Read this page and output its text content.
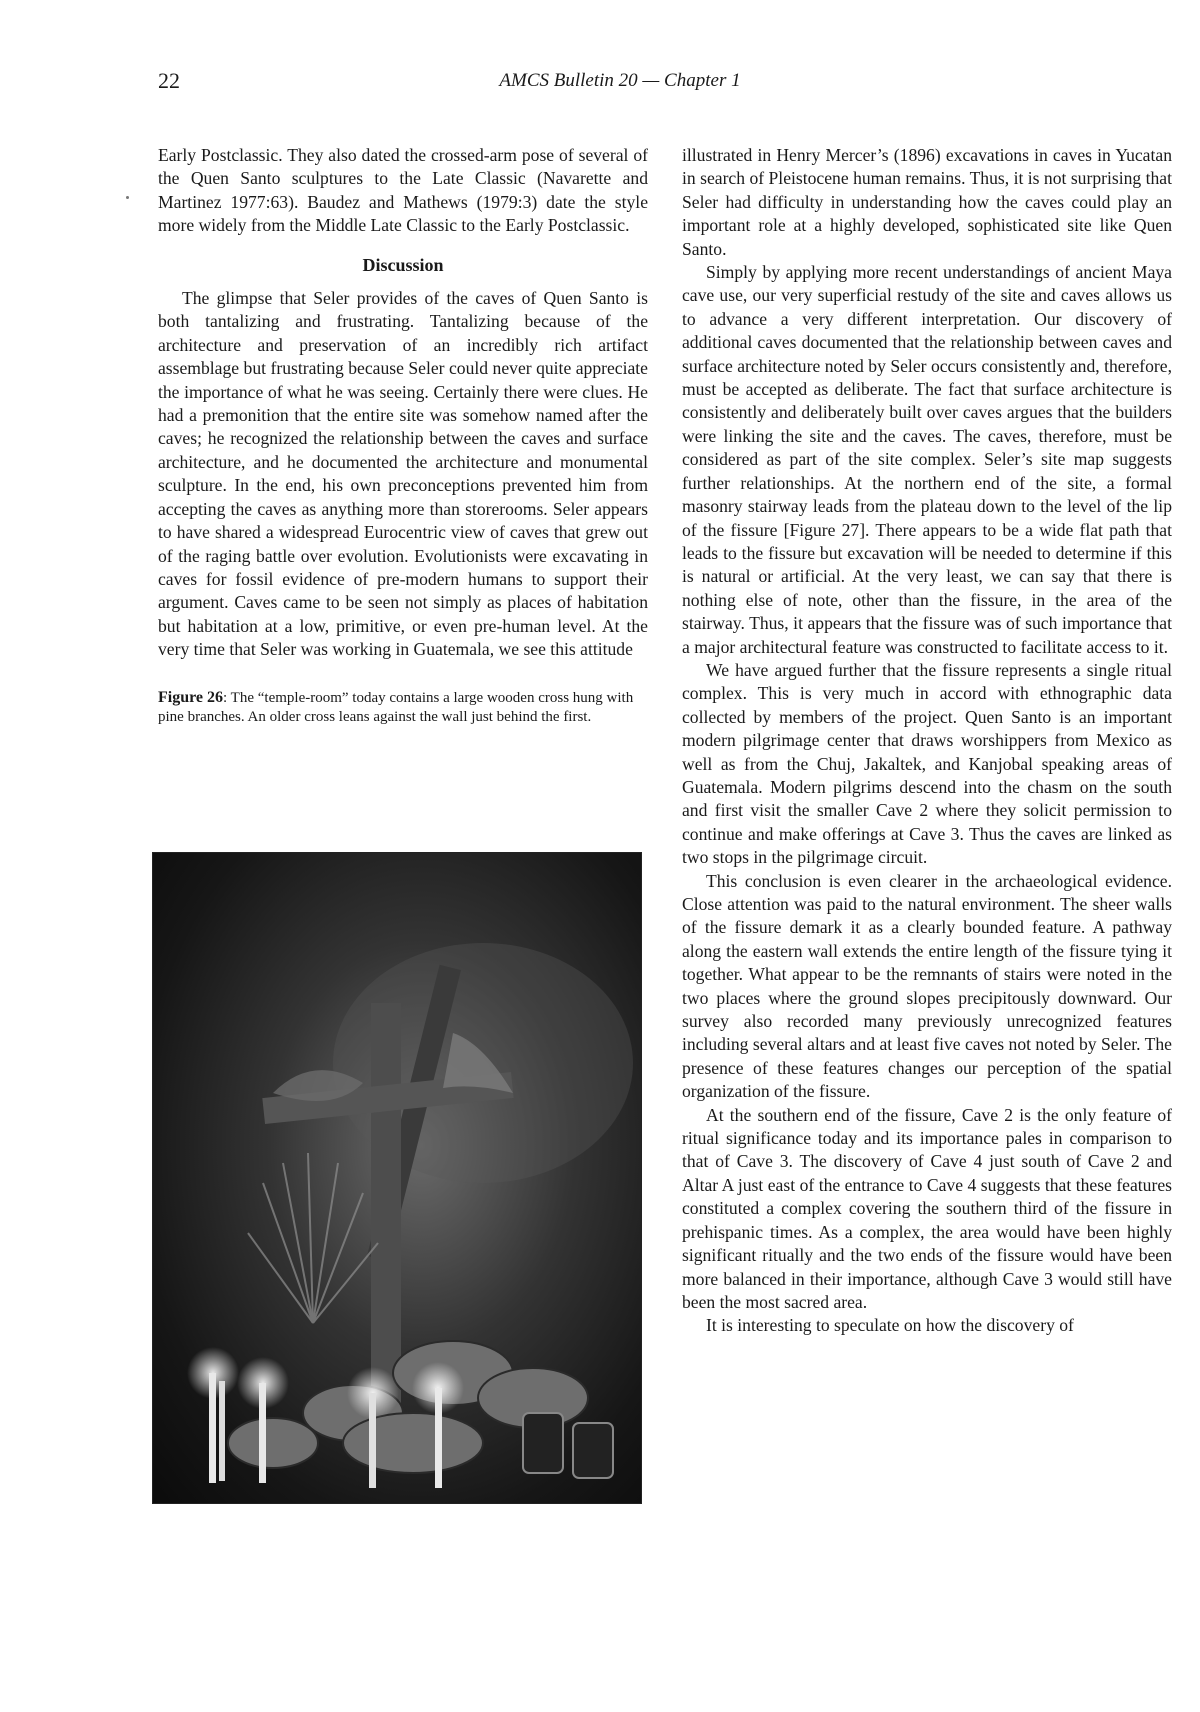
22	AMCS Bulletin 20 — Chapter 1

Early Postclassic. They also dated the crossed-arm pose of several of the Quen Santo sculptures to the Late Classic (Navarette and Martinez 1977:63). Baudez and Mathews (1979:3) date the style more widely from the Middle Late Classic to the Early Postclassic.

Discussion

The glimpse that Seler provides of the caves of Quen Santo is both tantalizing and frustrating. Tantalizing because of the architecture and preservation of an incredibly rich artifact assemblage but frustrating because Seler could never quite appreciate the importance of what he was seeing. Certainly there were clues. He had a premonition that the entire site was somehow named after the caves; he recognized the relationship between the caves and surface architecture, and he documented the architecture and monumental sculpture. In the end, his own preconceptions prevented him from accepting the caves as anything more than storerooms. Seler appears to have shared a widespread Eurocentric view of caves that grew out of the raging battle over evolution. Evolutionists were excavating in caves for fossil evidence of pre-modern humans to support their argument. Caves came to be seen not simply as places of habitation but habitation at a low, primitive, or even pre-human level. At the very time that Seler was working in Guatemala, we see this attitude

Figure 26: The “temple-room” today contains a large wooden cross hung with pine branches. An older cross leans against the wall just behind the first.

illustrated in Henry Mercer’s (1896) excavations in caves in Yucatan in search of Pleistocene human remains. Thus, it is not surprising that Seler had difficulty in understanding how the caves could play an important role at a highly developed, sophisticated site like Quen Santo.

Simply by applying more recent understandings of ancient Maya cave use, our very superficial restudy of the site and caves allows us to advance a very different interpretation. Our discovery of additional caves documented that the relationship between caves and surface architecture noted by Seler occurs consistently and, therefore, must be accepted as deliberate. The fact that surface architecture is consistently and deliberately built over caves argues that the builders were linking the site and the caves. The caves, therefore, must be considered as part of the site complex. Seler’s site map suggests further relationships. At the northern end of the site, a formal masonry stairway leads from the plateau down to the level of the lip of the fissure [Figure 27]. There appears to be a wide flat path that leads to the fissure but excavation will be needed to determine if this is natural or artificial. At the very least, we can say that there is nothing else of note, other than the fissure, in the area of the stairway. Thus, it appears that the fissure was of such importance that a major architectural feature was constructed to facilitate access to it.

We have argued further that the fissure represents a single ritual complex. This is very much in accord with ethnographic data collected by members of the project. Quen Santo is an important modern pilgrimage center that draws worshippers from Mexico as well as from the Chuj, Jakaltek, and Kanjobal speaking areas of Guatemala. Modern pilgrims descend into the chasm on the south and first visit the smaller Cave 2 where they solicit permission to continue and make offerings at Cave 3. Thus the caves are linked as two stops in the pilgrimage circuit.

This conclusion is even clearer in the archaeological evidence. Close attention was paid to the natural environment. The sheer walls of the fissure demark it as a clearly bounded feature. A pathway along the eastern wall extends the entire length of the fissure tying it together. What appear to be the remnants of stairs were noted in the two places where the ground slopes precipitously downward. Our survey also recorded many previously unrecognized features including several altars and at least five caves not noted by Seler. The presence of these features changes our perception of the spatial organization of the fissure.

At the southern end of the fissure, Cave 2 is the only feature of ritual significance today and its importance pales in comparison to that of Cave 3. The discovery of Cave 4 just south of Cave 2 and Altar A just east of the entrance to Cave 4 suggests that these features constituted a complex covering the southern third of the fissure in prehispanic times. As a complex, the area would have been highly significant ritually and the two ends of the fissure would have been more balanced in their importance, although Cave 3 would still have been the most sacred area.

It is interesting to speculate on how the discovery of
